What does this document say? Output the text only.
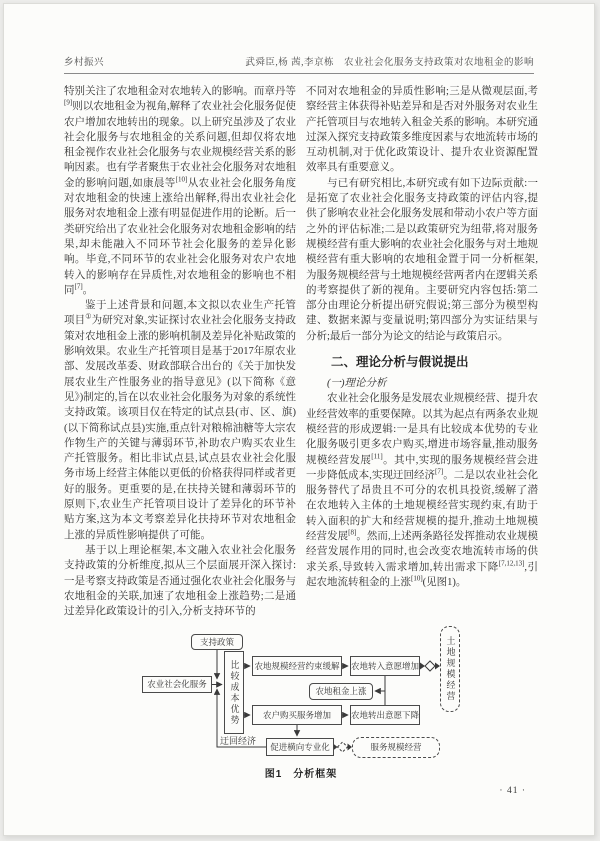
乡村振兴	武舜臣,杨 茜,李京栋　农业社会化服务支持政策对农地租金的影响

特别关注了农地租金对农地转入的影响。而章丹等[9]则以农地租金为视角,解释了农业社会化服务促使农户增加农地转出的现象。以上研究虽涉及了农业社会化服务与农地租金的关系问题,但却仅将农地租金视作农业社会化服务与农业规模经营关系的影响因素。也有学者聚焦于农业社会化服务对农地租金的影响问题,如康晨等[10]从农业社会化服务角度对农地租金的快速上涨给出解释,得出农业社会化服务对农地租金上涨有明显促进作用的论断。后一类研究给出了农业社会化服务对农地租金影响的结果,却未能融入不同环节社会化服务的差异化影响。毕竟,不同环节的农业社会化服务对农户农地转入的影响存在异质性,对农地租金的影响也不相同[7]。

鉴于上述背景和问题,本文拟以农业生产托管项目①为研究对象,实证探讨农业社会化服务支持政策对农地租金上涨的影响机制及差异化补贴政策的影响效果。农业生产托管项目是基于2017年原农业部、发展改革委、财政部联合出台的《关于加快发展农业生产性服务业的指导意见》(以下简称《意见》)制定的,旨在以农业社会化服务为对象的系统性支持政策。该项目仅在特定的试点县(市、区、旗)(以下简称试点县)实施,重点针对粮棉油糖等大宗农作物生产的关键与薄弱环节,补助农户购买农业生产托管服务。相比非试点县,试点县农业社会化服务市场上经营主体能以更低的价格获得同样或者更好的服务。更重要的是,在扶持关键和薄弱环节的原则下,农业生产托管项目设计了差异化的环节补贴方案,这为本文考察差异化扶持环节对农地租金上涨的异质性影响提供了可能。

基于以上理论框架,本文融入农业社会化服务支持政策的分析维度,拟从三个层面展开深入探讨:一是考察支持政策是否通过强化农业社会化服务与农地租金的关联,加速了农地租金上涨趋势;二是通过差异化政策设计的引入,分析支持环节的

不同对农地租金的异质性影响;三是从微观层面,考察经营主体获得补贴差异和是否对外服务对农业生产托管项目与农地转入租金关系的影响。本研究通过深入探究支持政策多维度因素与农地流转市场的互动机制,对于优化政策设计、提升农业资源配置效率具有重要意义。

与已有研究相比,本研究或有如下边际贡献:一是拓宽了农业社会化服务支持政策的评估内容,提供了影响农业社会化服务发展和带动小农户等方面之外的评估标准;二是以政策研究为纽带,将对服务规模经营有重大影响的农业社会化服务与对土地规模经营有重大影响的农地租金置于同一分析框架,为服务规模经营与土地规模经营两者内在逻辑关系的考察提供了新的视角。主要研究内容包括:第二部分由理论分析提出研究假说;第三部分为模型构建、数据来源与变量说明;第四部分为实证结果与分析;最后一部分为论文的结论与政策启示。

二、理论分析与假说提出

(一)理论分析

农业社会化服务是发展农业规模经营、提升农业经营效率的重要保障。以其为起点有两条农业规模经营的形成逻辑:一是具有比较成本优势的专业化服务吸引更多农户购买,增进市场容量,推动服务规模经营发展[11]。其中,实现的服务规模经营会进一步降低成本,实现迂回经济[7]。二是以农业社会化服务替代了昂贵且不可分的农机具投资,缓解了潜在农地转入主体的土地规模经营实现约束,有助于转入面积的扩大和经营规模的提升,推动土地规模经营发展[8]。然而,上述两条路径发挥推动农业规模经营发展作用的同时,也会改变农地流转市场的供求关系,导致转入需求增加,转出需求下降[7,12,13],引起农地流转租金的上涨[10](见图1)。

支持政策
农业社会化服务	比较成本优势	农地规模经营约束缓解 农地转入意愿增加	土地规模经营
农地租金上涨
农户购买服务增加	农地转出意愿下降
促进横向专业化	服务规模经营
迂回经济
图1　分析框架
· 41 ·
